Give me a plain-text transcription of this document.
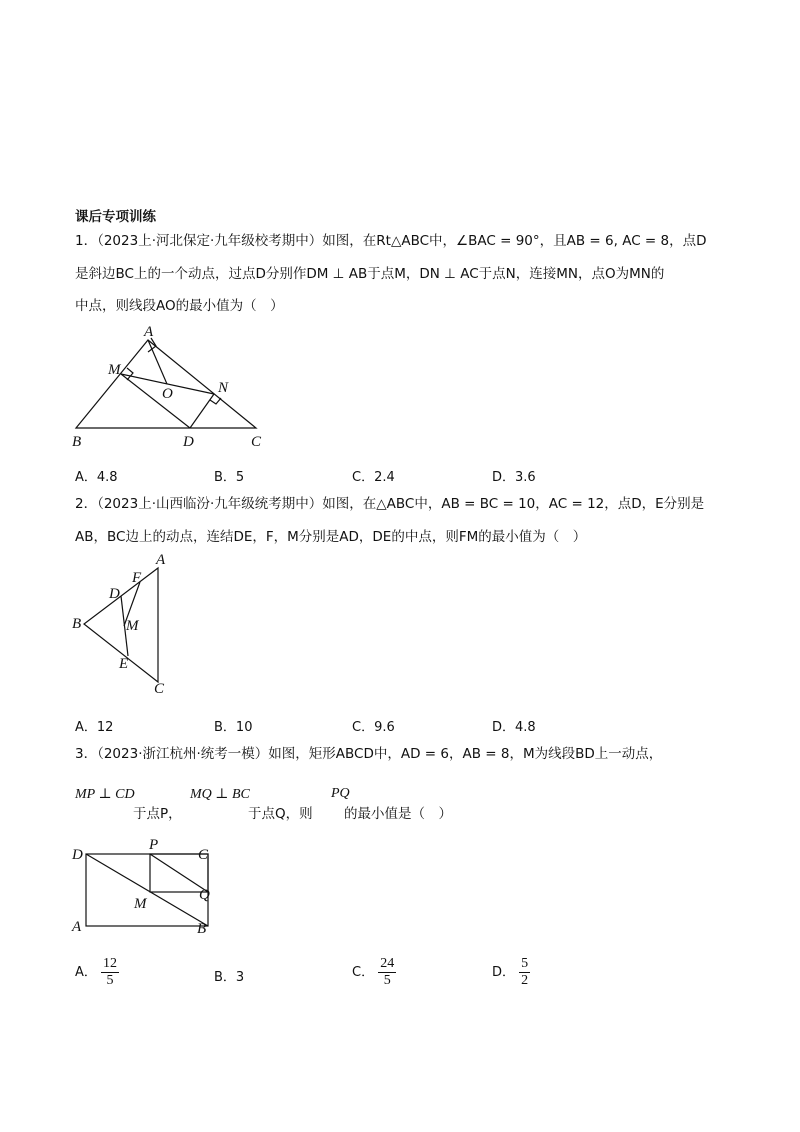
课后专项训练
1．（2023上·河北保定·九年级校考期中）如图，在Rt△ABC中，∠BAC = 90°，且AB = 6, AC = 8，点D
是斜边BC上的一个动点，过点D分别作DM ⊥ AB于点M，DN ⊥ AC于点N，连接MN，点O为MN的
中点，则线段AO的最小值为（　）
A
M
O	N
B	D	C
A．4.8	B．5	C．2.4	D．3.6
2．（2023上·山西临汾·九年级统考期中）如图，在△ABC中，AB = BC = 10，AC = 12，点D，E分别是
AB，BC边上的动点，连结DE，F，M分别是AD，DE的中点，则FM的最小值为（　）
A
F
D
B	M
E
C
A．12	B．10	C．9.6	D．4.8
3．（2023·浙江杭州·统考一模）如图，矩形ABCD中，AD = 6，AB = 8，M为线段BD上一动点，
MP ⊥ CD
于点P，
MQ ⊥ BC
于点Q，则
PQ
的最小值是（　）
D
P
C
Q
M
A	B
A． $\frac{12}{5}$	B．3	C． $\frac{24}{5}$	D． $\frac{5}{2}$
